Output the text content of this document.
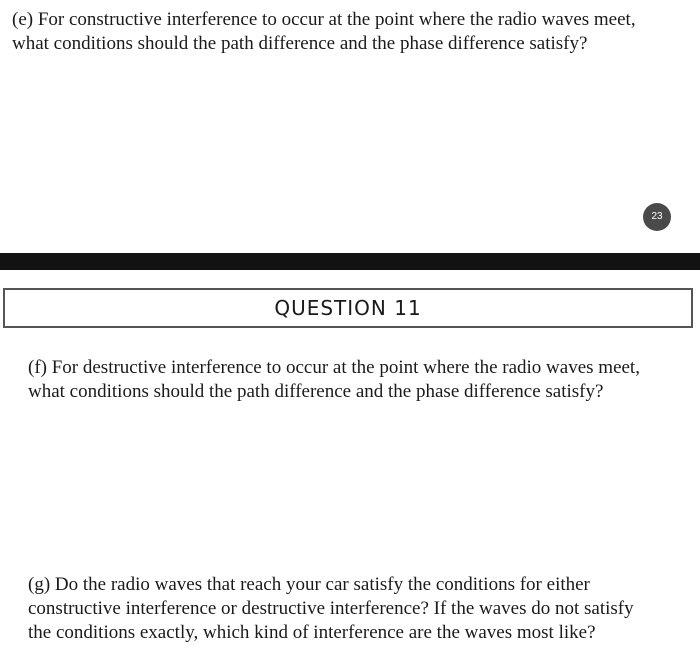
(e) For constructive interference to occur at the point where the radio waves meet,
what conditions should the path difference and the phase difference satisfy?

23
QUESTION 11

(f) For destructive interference to occur at the point where the radio waves meet,
what conditions should the path difference and the phase difference satisfy?

(g) Do the radio waves that reach your car satisfy the conditions for either
constructive interference or destructive interference? If the waves do not satisfy
the conditions exactly, which kind of interference are the waves most like?
